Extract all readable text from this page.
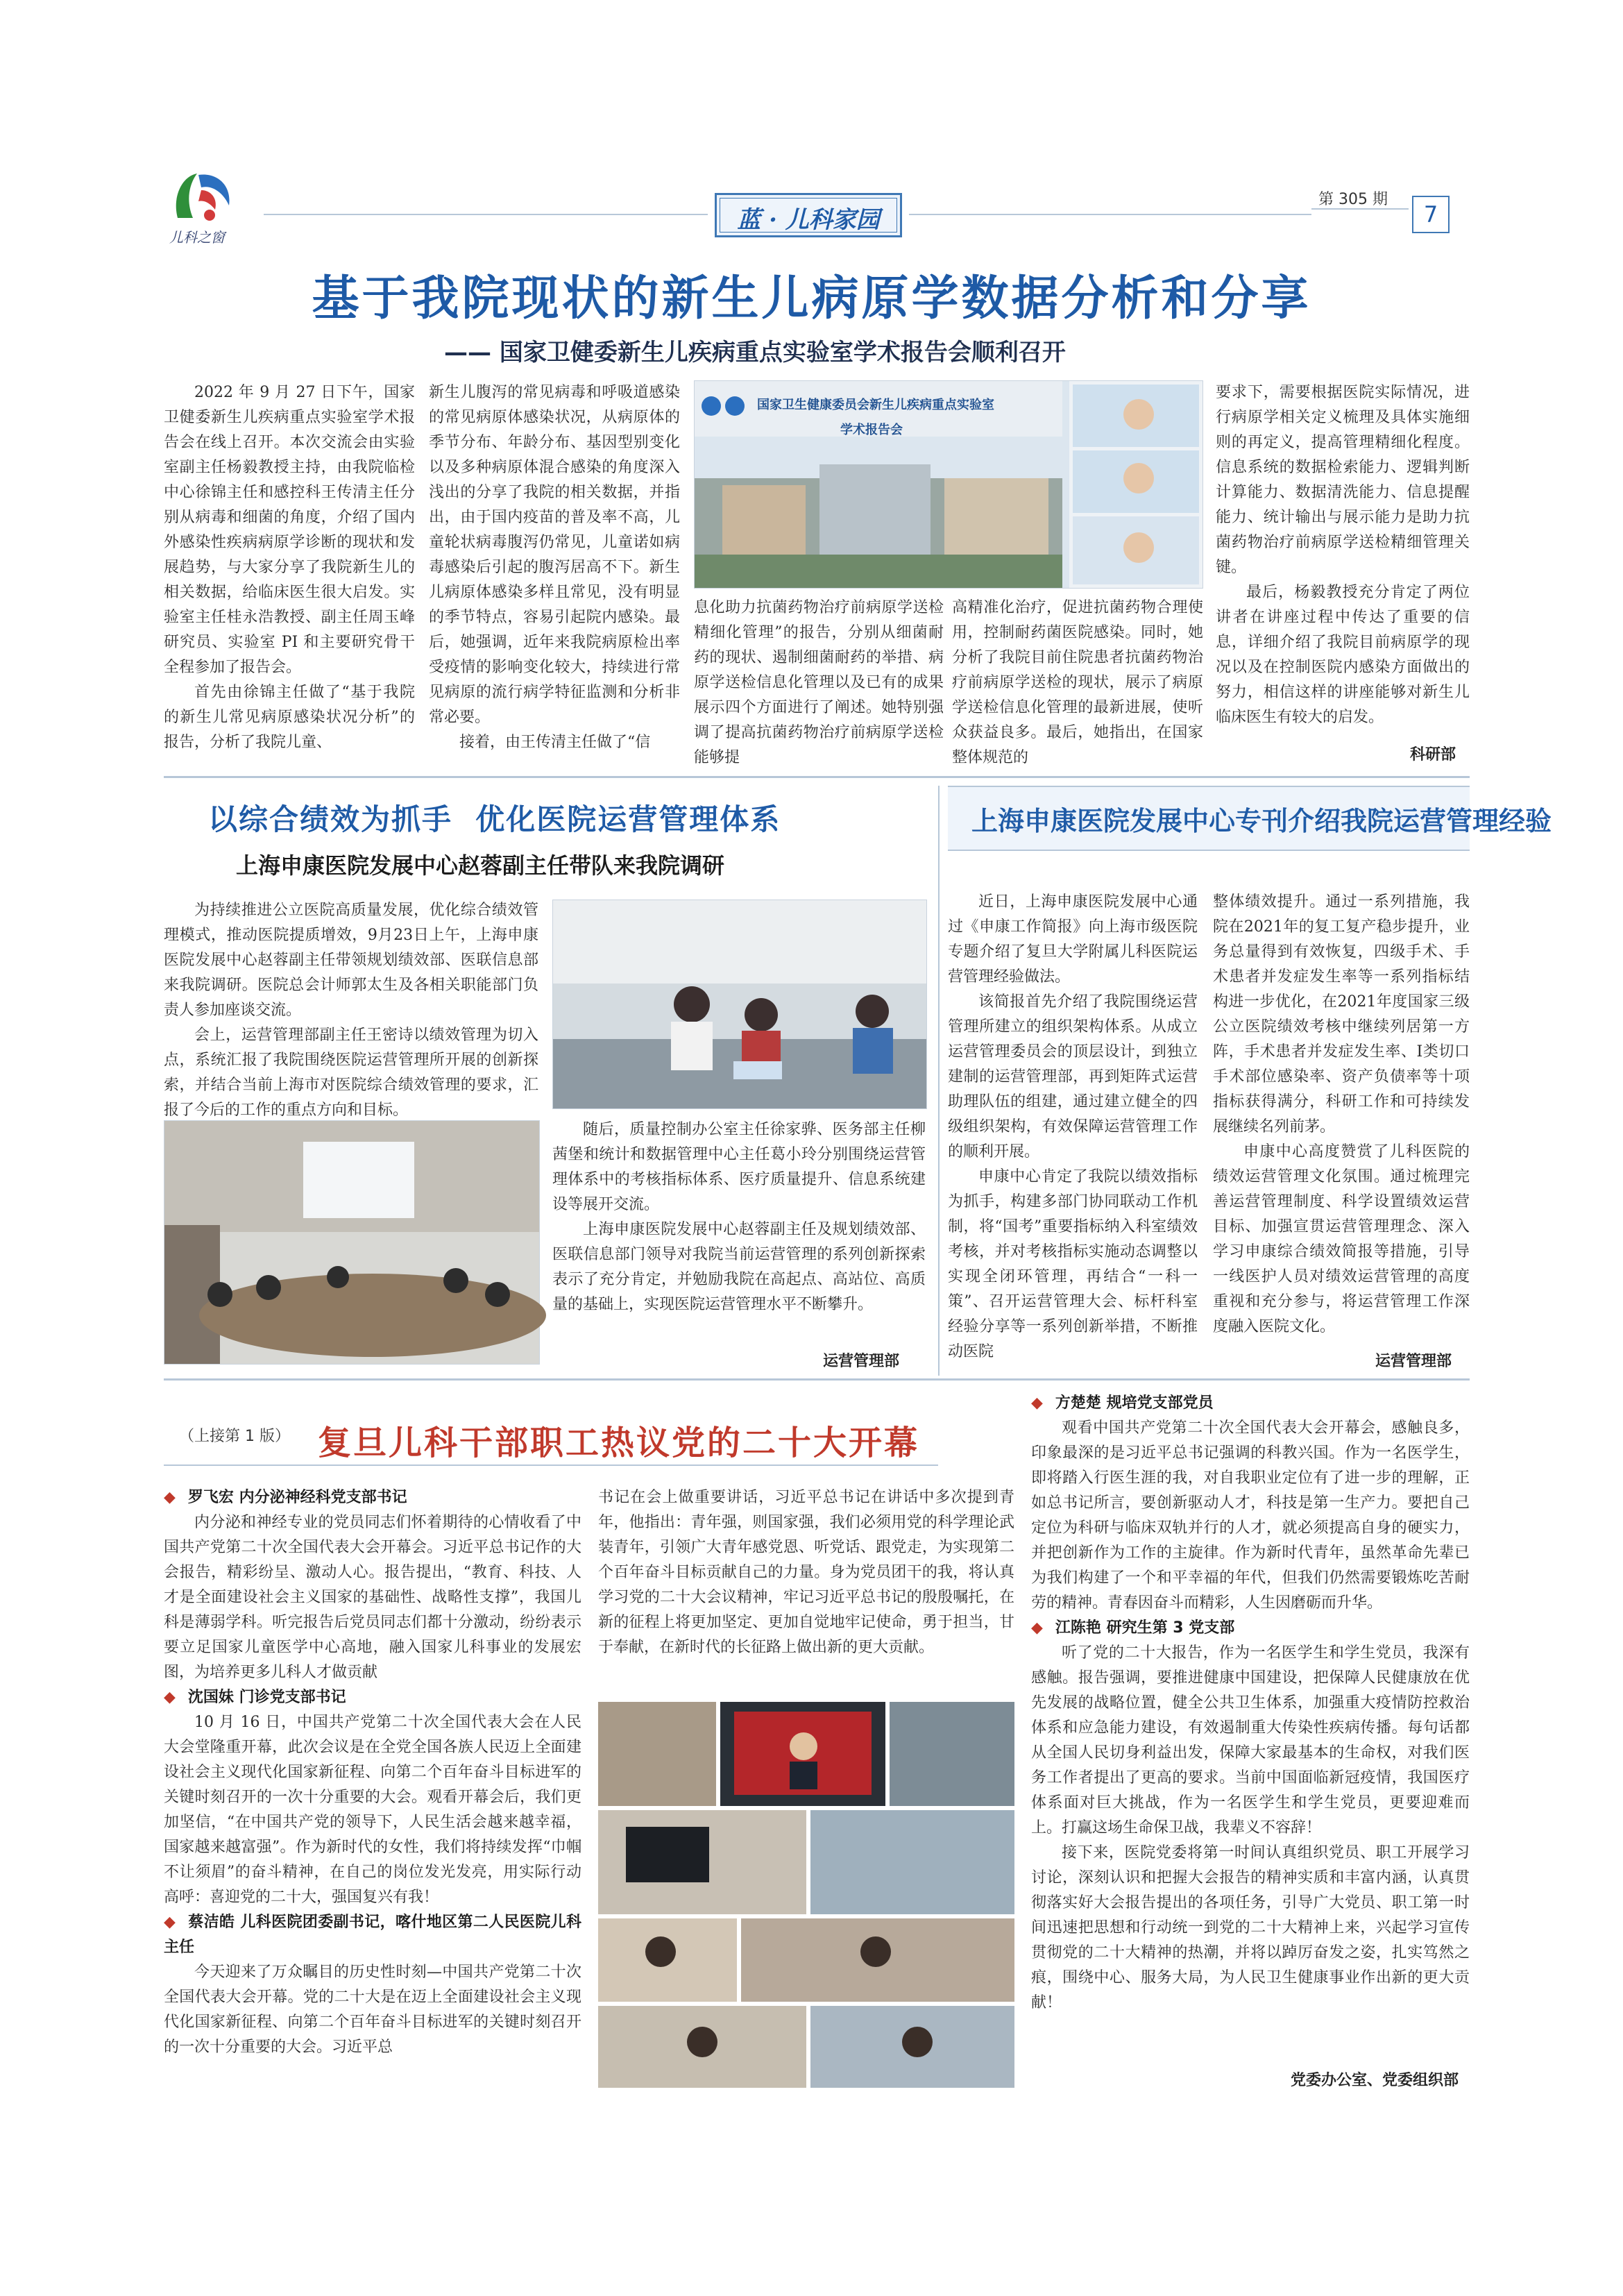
儿科之窗
蓝 · 儿科家园
第 305 期
7
基于我院现状的新生儿病原学数据分析和分享
—— 国家卫健委新生儿疾病重点实验室学术报告会顺利召开

2022 年 9 月 27 日下午，国家卫健委新生儿疾病重点实验室学术报告会在线上召开。本次交流会由实验室副主任杨毅教授主持，由我院临检中心徐锦主任和感控科王传清主任分别从病毒和细菌的角度，介绍了国内外感染性疾病病原学诊断的现状和发展趋势，与大家分享了我院新生儿的相关数据，给临床医生很大启发。实验室主任桂永浩教授、副主任周玉峰研究员、实验室 PI 和主要研究骨干全程参加了报告会。

首先由徐锦主任做了“基于我院的新生儿常见病原感染状况分析”的报告，分析了我院儿童、

新生儿腹泻的常见病毒和呼吸道感染的常见病原体感染状况，从病原体的季节分布、年龄分布、基因型别变化以及多种病原体混合感染的角度深入浅出的分享了我院的相关数据，并指出，由于国内疫苗的普及率不高，儿童轮状病毒腹泻仍常见，儿童诺如病毒感染后引起的腹泻居高不下。新生儿病原体感染多样且常见，没有明显的季节特点，容易引起院内感染。最后，她强调，近年来我院病原检出率受疫情的影响变化较大，持续进行常见病原的流行病学特征监测和分析非常必要。

接着，由王传清主任做了“信

国家卫生健康委员会新生儿疾病重点实验室
学术报告会

息化助力抗菌药物治疗前病原学送检精细化管理”的报告，分别从细菌耐药的现状、遏制细菌耐药的举措、病原学送检信息化管理以及已有的成果展示四个方面进行了阐述。她特别强调了提高抗菌药物治疗前病原学送检能够提

高精准化治疗，促进抗菌药物合理使用，控制耐药菌医院感染。同时，她分析了我院目前住院患者抗菌药物治疗前病原学送检的现状，展示了病原学送检信息化管理的最新进展，使听众获益良多。最后，她指出，在国家整体规范的

要求下，需要根据医院实际情况，进行病原学相关定义梳理及具体实施细则的再定义，提高管理精细化程度。信息系统的数据检索能力、逻辑判断计算能力、数据清洗能力、信息提醒能力、统计输出与展示能力是助力抗菌药物治疗前病原学送检精细管理关键。

最后，杨毅教授充分肯定了两位讲者在讲座过程中传达了重要的信息，详细介绍了我院目前病原学的现况以及在控制医院内感染方面做出的努力，相信这样的讲座能够对新生儿临床医生有较大的启发。

科研部
以综合绩效为抓手  优化医院运营管理体系
上海申康医院发展中心赵蓉副主任带队来我院调研

为持续推进公立医院高质量发展，优化综合绩效管理模式，推动医院提质增效，9月23日上午，上海申康医院发展中心赵蓉副主任带领规划绩效部、医联信息部来我院调研。医院总会计师郭太生及各相关职能部门负责人参加座谈交流。

会上，运营管理部副主任王密诗以绩效管理为切入点，系统汇报了我院围绕医院运营管理所开展的创新探索，并结合当前上海市对医院综合绩效管理的要求，汇报了今后的工作的重点方向和目标。

随后，质量控制办公室主任徐家骅、医务部主任柳茜堡和统计和数据管理中心主任葛小玲分别围绕运营管理体系中的考核指标体系、医疗质量提升、信息系统建设等展开交流。

上海申康医院发展中心赵蓉副主任及规划绩效部、医联信息部门领导对我院当前运营管理的系列创新探索表示了充分肯定，并勉励我院在高起点、高站位、高质量的基础上，实现医院运营管理水平不断攀升。

运营管理部
上海申康医院发展中心专刊介绍我院运营管理经验

近日，上海申康医院发展中心通过《申康工作简报》向上海市级医院专题介绍了复旦大学附属儿科医院运营管理经验做法。

该简报首先介绍了我院围绕运营管理所建立的组织架构体系。从成立运营管理委员会的顶层设计，到独立建制的运营管理部，再到矩阵式运营助理队伍的组建，通过建立健全的四级组织架构，有效保障运营管理工作的顺利开展。

申康中心肯定了我院以绩效指标为抓手，构建多部门协同联动工作机制，将“国考”重要指标纳入科室绩效考核，并对考核指标实施动态调整以实现全闭环管理，再结合“一科一策”、召开运营管理大会、标杆科室经验分享等一系列创新举措，不断推动医院

整体绩效提升。通过一系列措施，我院在2021年的复工复产稳步提升，业务总量得到有效恢复，四级手术、手术患者并发症发生率等一系列指标结构进一步优化，在2021年度国家三级公立医院绩效考核中继续列居第一方阵，手术患者并发症发生率、Ⅰ类切口手术部位感染率、资产负债率等十项指标获得满分，科研工作和可持续发展继续名列前茅。

申康中心高度赞赏了儿科医院的绩效运营管理文化氛围。通过梳理完善运营管理制度、科学设置绩效运营目标、加强宣贯运营管理理念、深入学习申康综合绩效简报等措施，引导一线医护人员对绩效运营管理的高度重视和充分参与，将运营管理工作深度融入医院文化。

运营管理部
（上接第 1 版） 复旦儿科干部职工热议党的二十大开幕
◆ 罗飞宏 内分泌神经科党支部书记

内分泌和神经专业的党员同志们怀着期待的心情收看了中国共产党第二十次全国代表大会开幕会。习近平总书记作的大会报告，精彩纷呈、激动人心。报告提出，“教育、科技、人才是全面建设社会主义国家的基础性、战略性支撑”，我国儿科是薄弱学科。听完报告后党员同志们都十分激动，纷纷表示要立足国家儿童医学中心高地，融入国家儿科事业的发展宏图，为培养更多儿科人才做贡献

◆ 沈国妹 门诊党支部书记

10 月 16 日，中国共产党第二十次全国代表大会在人民大会堂隆重开幕，此次会议是在全党全国各族人民迈上全面建设社会主义现代化国家新征程、向第二个百年奋斗目标进军的关键时刻召开的一次十分重要的大会。观看开幕会后，我们更加坚信，“在中国共产党的领导下，人民生活会越来越幸福，国家越来越富强”。作为新时代的女性，我们将持续发挥“巾帼不让须眉”的奋斗精神，在自己的岗位发光发亮，用实际行动高呼：喜迎党的二十大，强国复兴有我！

◆ 蔡洁皓 儿科医院团委副书记，喀什地区第二人民医院儿科主任

今天迎来了万众瞩目的历史性时刻—中国共产党第二十次全国代表大会开幕。党的二十大是在迈上全面建设社会主义现代化国家新征程、向第二个百年奋斗目标进军的关键时刻召开的一次十分重要的大会。习近平总

书记在会上做重要讲话，习近平总书记在讲话中多次提到青年，他指出：青年强，则国家强，我们必须用党的科学理论武装青年，引领广大青年感党恩、听党话、跟党走，为实现第二个百年奋斗目标贡献自己的力量。身为党员团干的我，将认真学习党的二十大会议精神，牢记习近平总书记的殷殷嘱托，在新的征程上将更加坚定、更加自觉地牢记使命，勇于担当，甘于奉献，在新时代的长征路上做出新的更大贡献。

◆ 方楚楚 规培党支部党员

观看中国共产党第二十次全国代表大会开幕会，感触良多，印象最深的是习近平总书记强调的科教兴国。作为一名医学生，即将踏入行医生涯的我，对自我职业定位有了进一步的理解，正如总书记所言，要创新驱动人才，科技是第一生产力。要把自己定位为科研与临床双轨并行的人才，就必须提高自身的硬实力，并把创新作为工作的主旋律。作为新时代青年，虽然革命先辈已为我们构建了一个和平幸福的年代，但我们仍然需要锻炼吃苦耐劳的精神。青春因奋斗而精彩，人生因磨砺而升华。

◆ 江陈艳 研究生第 3 党支部

听了党的二十大报告，作为一名医学生和学生党员，我深有感触。报告强调，要推进健康中国建设，把保障人民健康放在优先发展的战略位置，健全公共卫生体系，加强重大疫情防控救治体系和应急能力建设，有效遏制重大传染性疾病传播。每句话都从全国人民切身利益出发，保障大家最基本的生命权，对我们医务工作者提出了更高的要求。当前中国面临新冠疫情，我国医疗体系面对巨大挑战，作为一名医学生和学生党员，更要迎难而上。打赢这场生命保卫战，我辈义不容辞！

接下来，医院党委将第一时间认真组织党员、职工开展学习讨论，深刻认识和把握大会报告的精神实质和丰富内涵，认真贯彻落实好大会报告提出的各项任务，引导广大党员、职工第一时间迅速把思想和行动统一到党的二十大精神上来，兴起学习宣传贯彻党的二十大精神的热潮，并将以踔厉奋发之姿，扎实笃然之痕，围绕中心、服务大局，为人民卫生健康事业作出新的更大贡献！

党委办公室、党委组织部
